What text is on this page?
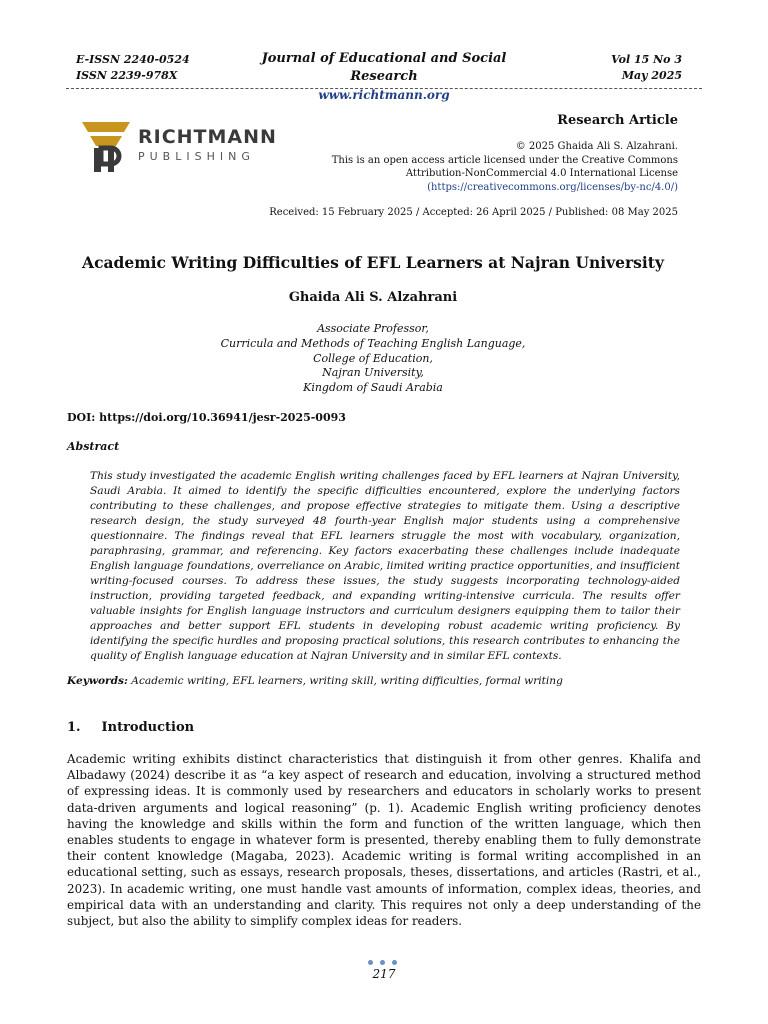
E-ISSN 2240-0524
ISSN 2239-978X
Journal of Educational and Social Research
www.richtmann.org
Vol 15 No 3
May 2025
RICHTMANN
PUBLISHING
Research Article
© 2025 Ghaida Ali S. Alzahrani.
This is an open access article licensed under the Creative Commons
Attribution-NonCommercial 4.0 International License
(https://creativecommons.org/licenses/by-nc/4.0/)
Received: 15 February 2025 / Accepted: 26 April 2025 / Published: 08 May 2025
Academic Writing Difficulties of EFL Learners at Najran University
Ghaida Ali S. Alzahrani
Associate Professor,
Curricula and Methods of Teaching English Language,
College of Education,
Najran University,
Kingdom of Saudi Arabia
DOI: https://doi.org/10.36941/jesr-2025-0093
Abstract
This study investigated the academic English writing challenges faced by EFL learners at Najran University, Saudi Arabia. It aimed to identify the specific difficulties encountered, explore the underlying factors contributing to these challenges, and propose effective strategies to mitigate them. Using a descriptive research design, the study surveyed 48 fourth-year English major students using a comprehensive questionnaire. The findings reveal that EFL learners struggle the most with vocabulary, organization, paraphrasing, grammar, and referencing. Key factors exacerbating these challenges include inadequate English language foundations, overreliance on Arabic, limited writing practice opportunities, and insufficient writing-focused courses. To address these issues, the study suggests incorporating technology-aided instruction, providing targeted feedback, and expanding writing-intensive curricula. The results offer valuable insights for English language instructors and curriculum designers equipping them to tailor their approaches and better support EFL students in developing robust academic writing proficiency. By identifying the specific hurdles and proposing practical solutions, this research contributes to enhancing the quality of English language education at Najran University and in similar EFL contexts.
Keywords: Academic writing, EFL learners, writing skill, writing difficulties, formal writing
1. Introduction
Academic writing exhibits distinct characteristics that distinguish it from other genres. Khalifa and Albadawy (2024) describe it as “a key aspect of research and education, involving a structured method of expressing ideas. It is commonly used by researchers and educators in scholarly works to present data-driven arguments and logical reasoning” (p. 1). Academic English writing proficiency denotes having the knowledge and skills within the form and function of the written language, which then enables students to engage in whatever form is presented, thereby enabling them to fully demonstrate their content knowledge (Magaba, 2023). Academic writing is formal writing accomplished in an educational setting, such as essays, research proposals, theses, dissertations, and articles (Rastri, et al., 2023). In academic writing, one must handle vast amounts of information, complex ideas, theories, and empirical data with an understanding and clarity. This requires not only a deep understanding of the subject, but also the ability to simplify complex ideas for readers.
217
